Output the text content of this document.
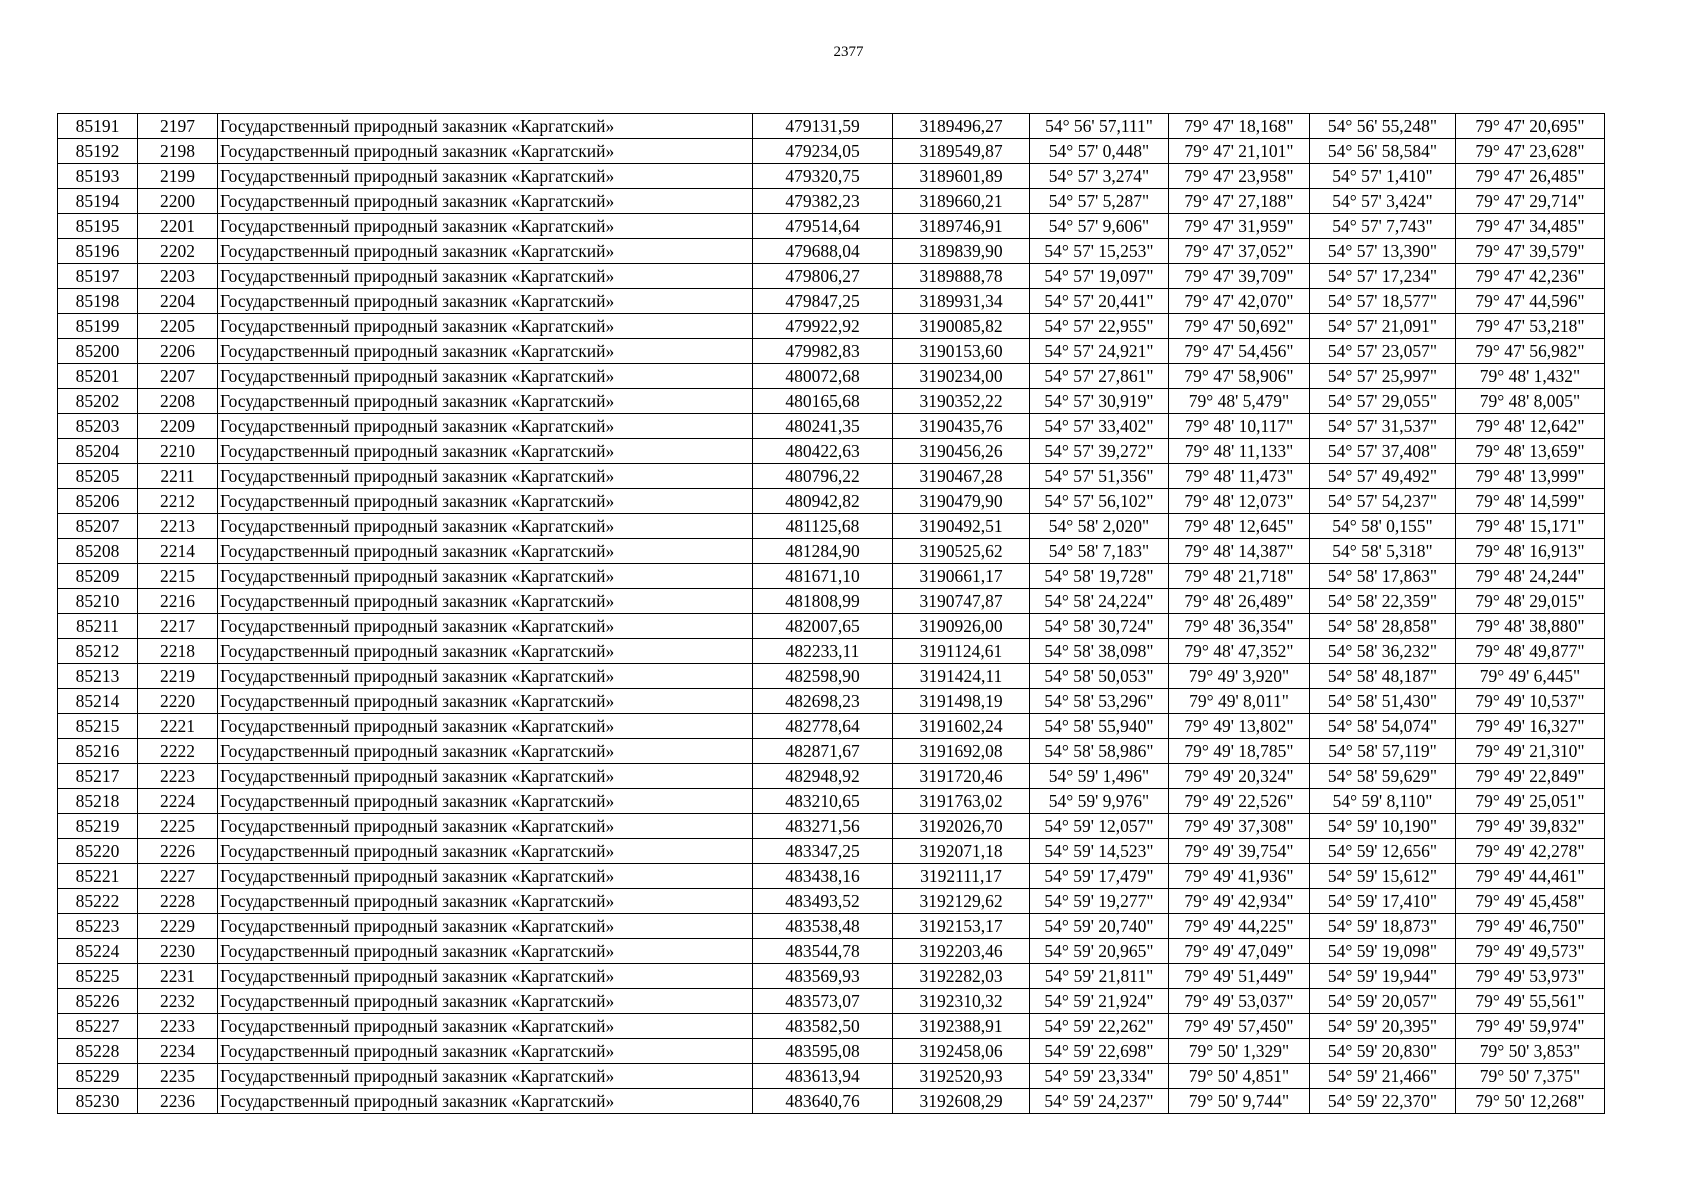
2377
85191	2197	Государственный природный заказник «Каргатский»	479131,59	3189496,27	54° 56' 57,111"	79° 47' 18,168"	54° 56' 55,248"	79° 47' 20,695"
85192	2198	Государственный природный заказник «Каргатский»	479234,05	3189549,87	54° 57' 0,448"	79° 47' 21,101"	54° 56' 58,584"	79° 47' 23,628"
85193	2199	Государственный природный заказник «Каргатский»	479320,75	3189601,89	54° 57' 3,274"	79° 47' 23,958"	54° 57' 1,410"	79° 47' 26,485"
85194	2200	Государственный природный заказник «Каргатский»	479382,23	3189660,21	54° 57' 5,287"	79° 47' 27,188"	54° 57' 3,424"	79° 47' 29,714"
85195	2201	Государственный природный заказник «Каргатский»	479514,64	3189746,91	54° 57' 9,606"	79° 47' 31,959"	54° 57' 7,743"	79° 47' 34,485"
85196	2202	Государственный природный заказник «Каргатский»	479688,04	3189839,90	54° 57' 15,253"	79° 47' 37,052"	54° 57' 13,390"	79° 47' 39,579"
85197	2203	Государственный природный заказник «Каргатский»	479806,27	3189888,78	54° 57' 19,097"	79° 47' 39,709"	54° 57' 17,234"	79° 47' 42,236"
85198	2204	Государственный природный заказник «Каргатский»	479847,25	3189931,34	54° 57' 20,441"	79° 47' 42,070"	54° 57' 18,577"	79° 47' 44,596"
85199	2205	Государственный природный заказник «Каргатский»	479922,92	3190085,82	54° 57' 22,955"	79° 47' 50,692"	54° 57' 21,091"	79° 47' 53,218"
85200	2206	Государственный природный заказник «Каргатский»	479982,83	3190153,60	54° 57' 24,921"	79° 47' 54,456"	54° 57' 23,057"	79° 47' 56,982"
85201	2207	Государственный природный заказник «Каргатский»	480072,68	3190234,00	54° 57' 27,861"	79° 47' 58,906"	54° 57' 25,997"	79° 48' 1,432"
85202	2208	Государственный природный заказник «Каргатский»	480165,68	3190352,22	54° 57' 30,919"	79° 48' 5,479"	54° 57' 29,055"	79° 48' 8,005"
85203	2209	Государственный природный заказник «Каргатский»	480241,35	3190435,76	54° 57' 33,402"	79° 48' 10,117"	54° 57' 31,537"	79° 48' 12,642"
85204	2210	Государственный природный заказник «Каргатский»	480422,63	3190456,26	54° 57' 39,272"	79° 48' 11,133"	54° 57' 37,408"	79° 48' 13,659"
85205	2211	Государственный природный заказник «Каргатский»	480796,22	3190467,28	54° 57' 51,356"	79° 48' 11,473"	54° 57' 49,492"	79° 48' 13,999"
85206	2212	Государственный природный заказник «Каргатский»	480942,82	3190479,90	54° 57' 56,102"	79° 48' 12,073"	54° 57' 54,237"	79° 48' 14,599"
85207	2213	Государственный природный заказник «Каргатский»	481125,68	3190492,51	54° 58' 2,020"	79° 48' 12,645"	54° 58' 0,155"	79° 48' 15,171"
85208	2214	Государственный природный заказник «Каргатский»	481284,90	3190525,62	54° 58' 7,183"	79° 48' 14,387"	54° 58' 5,318"	79° 48' 16,913"
85209	2215	Государственный природный заказник «Каргатский»	481671,10	3190661,17	54° 58' 19,728"	79° 48' 21,718"	54° 58' 17,863"	79° 48' 24,244"
85210	2216	Государственный природный заказник «Каргатский»	481808,99	3190747,87	54° 58' 24,224"	79° 48' 26,489"	54° 58' 22,359"	79° 48' 29,015"
85211	2217	Государственный природный заказник «Каргатский»	482007,65	3190926,00	54° 58' 30,724"	79° 48' 36,354"	54° 58' 28,858"	79° 48' 38,880"
85212	2218	Государственный природный заказник «Каргатский»	482233,11	3191124,61	54° 58' 38,098"	79° 48' 47,352"	54° 58' 36,232"	79° 48' 49,877"
85213	2219	Государственный природный заказник «Каргатский»	482598,90	3191424,11	54° 58' 50,053"	79° 49' 3,920"	54° 58' 48,187"	79° 49' 6,445"
85214	2220	Государственный природный заказник «Каргатский»	482698,23	3191498,19	54° 58' 53,296"	79° 49' 8,011"	54° 58' 51,430"	79° 49' 10,537"
85215	2221	Государственный природный заказник «Каргатский»	482778,64	3191602,24	54° 58' 55,940"	79° 49' 13,802"	54° 58' 54,074"	79° 49' 16,327"
85216	2222	Государственный природный заказник «Каргатский»	482871,67	3191692,08	54° 58' 58,986"	79° 49' 18,785"	54° 58' 57,119"	79° 49' 21,310"
85217	2223	Государственный природный заказник «Каргатский»	482948,92	3191720,46	54° 59' 1,496"	79° 49' 20,324"	54° 58' 59,629"	79° 49' 22,849"
85218	2224	Государственный природный заказник «Каргатский»	483210,65	3191763,02	54° 59' 9,976"	79° 49' 22,526"	54° 59' 8,110"	79° 49' 25,051"
85219	2225	Государственный природный заказник «Каргатский»	483271,56	3192026,70	54° 59' 12,057"	79° 49' 37,308"	54° 59' 10,190"	79° 49' 39,832"
85220	2226	Государственный природный заказник «Каргатский»	483347,25	3192071,18	54° 59' 14,523"	79° 49' 39,754"	54° 59' 12,656"	79° 49' 42,278"
85221	2227	Государственный природный заказник «Каргатский»	483438,16	3192111,17	54° 59' 17,479"	79° 49' 41,936"	54° 59' 15,612"	79° 49' 44,461"
85222	2228	Государственный природный заказник «Каргатский»	483493,52	3192129,62	54° 59' 19,277"	79° 49' 42,934"	54° 59' 17,410"	79° 49' 45,458"
85223	2229	Государственный природный заказник «Каргатский»	483538,48	3192153,17	54° 59' 20,740"	79° 49' 44,225"	54° 59' 18,873"	79° 49' 46,750"
85224	2230	Государственный природный заказник «Каргатский»	483544,78	3192203,46	54° 59' 20,965"	79° 49' 47,049"	54° 59' 19,098"	79° 49' 49,573"
85225	2231	Государственный природный заказник «Каргатский»	483569,93	3192282,03	54° 59' 21,811"	79° 49' 51,449"	54° 59' 19,944"	79° 49' 53,973"
85226	2232	Государственный природный заказник «Каргатский»	483573,07	3192310,32	54° 59' 21,924"	79° 49' 53,037"	54° 59' 20,057"	79° 49' 55,561"
85227	2233	Государственный природный заказник «Каргатский»	483582,50	3192388,91	54° 59' 22,262"	79° 49' 57,450"	54° 59' 20,395"	79° 49' 59,974"
85228	2234	Государственный природный заказник «Каргатский»	483595,08	3192458,06	54° 59' 22,698"	79° 50' 1,329"	54° 59' 20,830"	79° 50' 3,853"
85229	2235	Государственный природный заказник «Каргатский»	483613,94	3192520,93	54° 59' 23,334"	79° 50' 4,851"	54° 59' 21,466"	79° 50' 7,375"
85230	2236	Государственный природный заказник «Каргатский»	483640,76	3192608,29	54° 59' 24,237"	79° 50' 9,744"	54° 59' 22,370"	79° 50' 12,268"
